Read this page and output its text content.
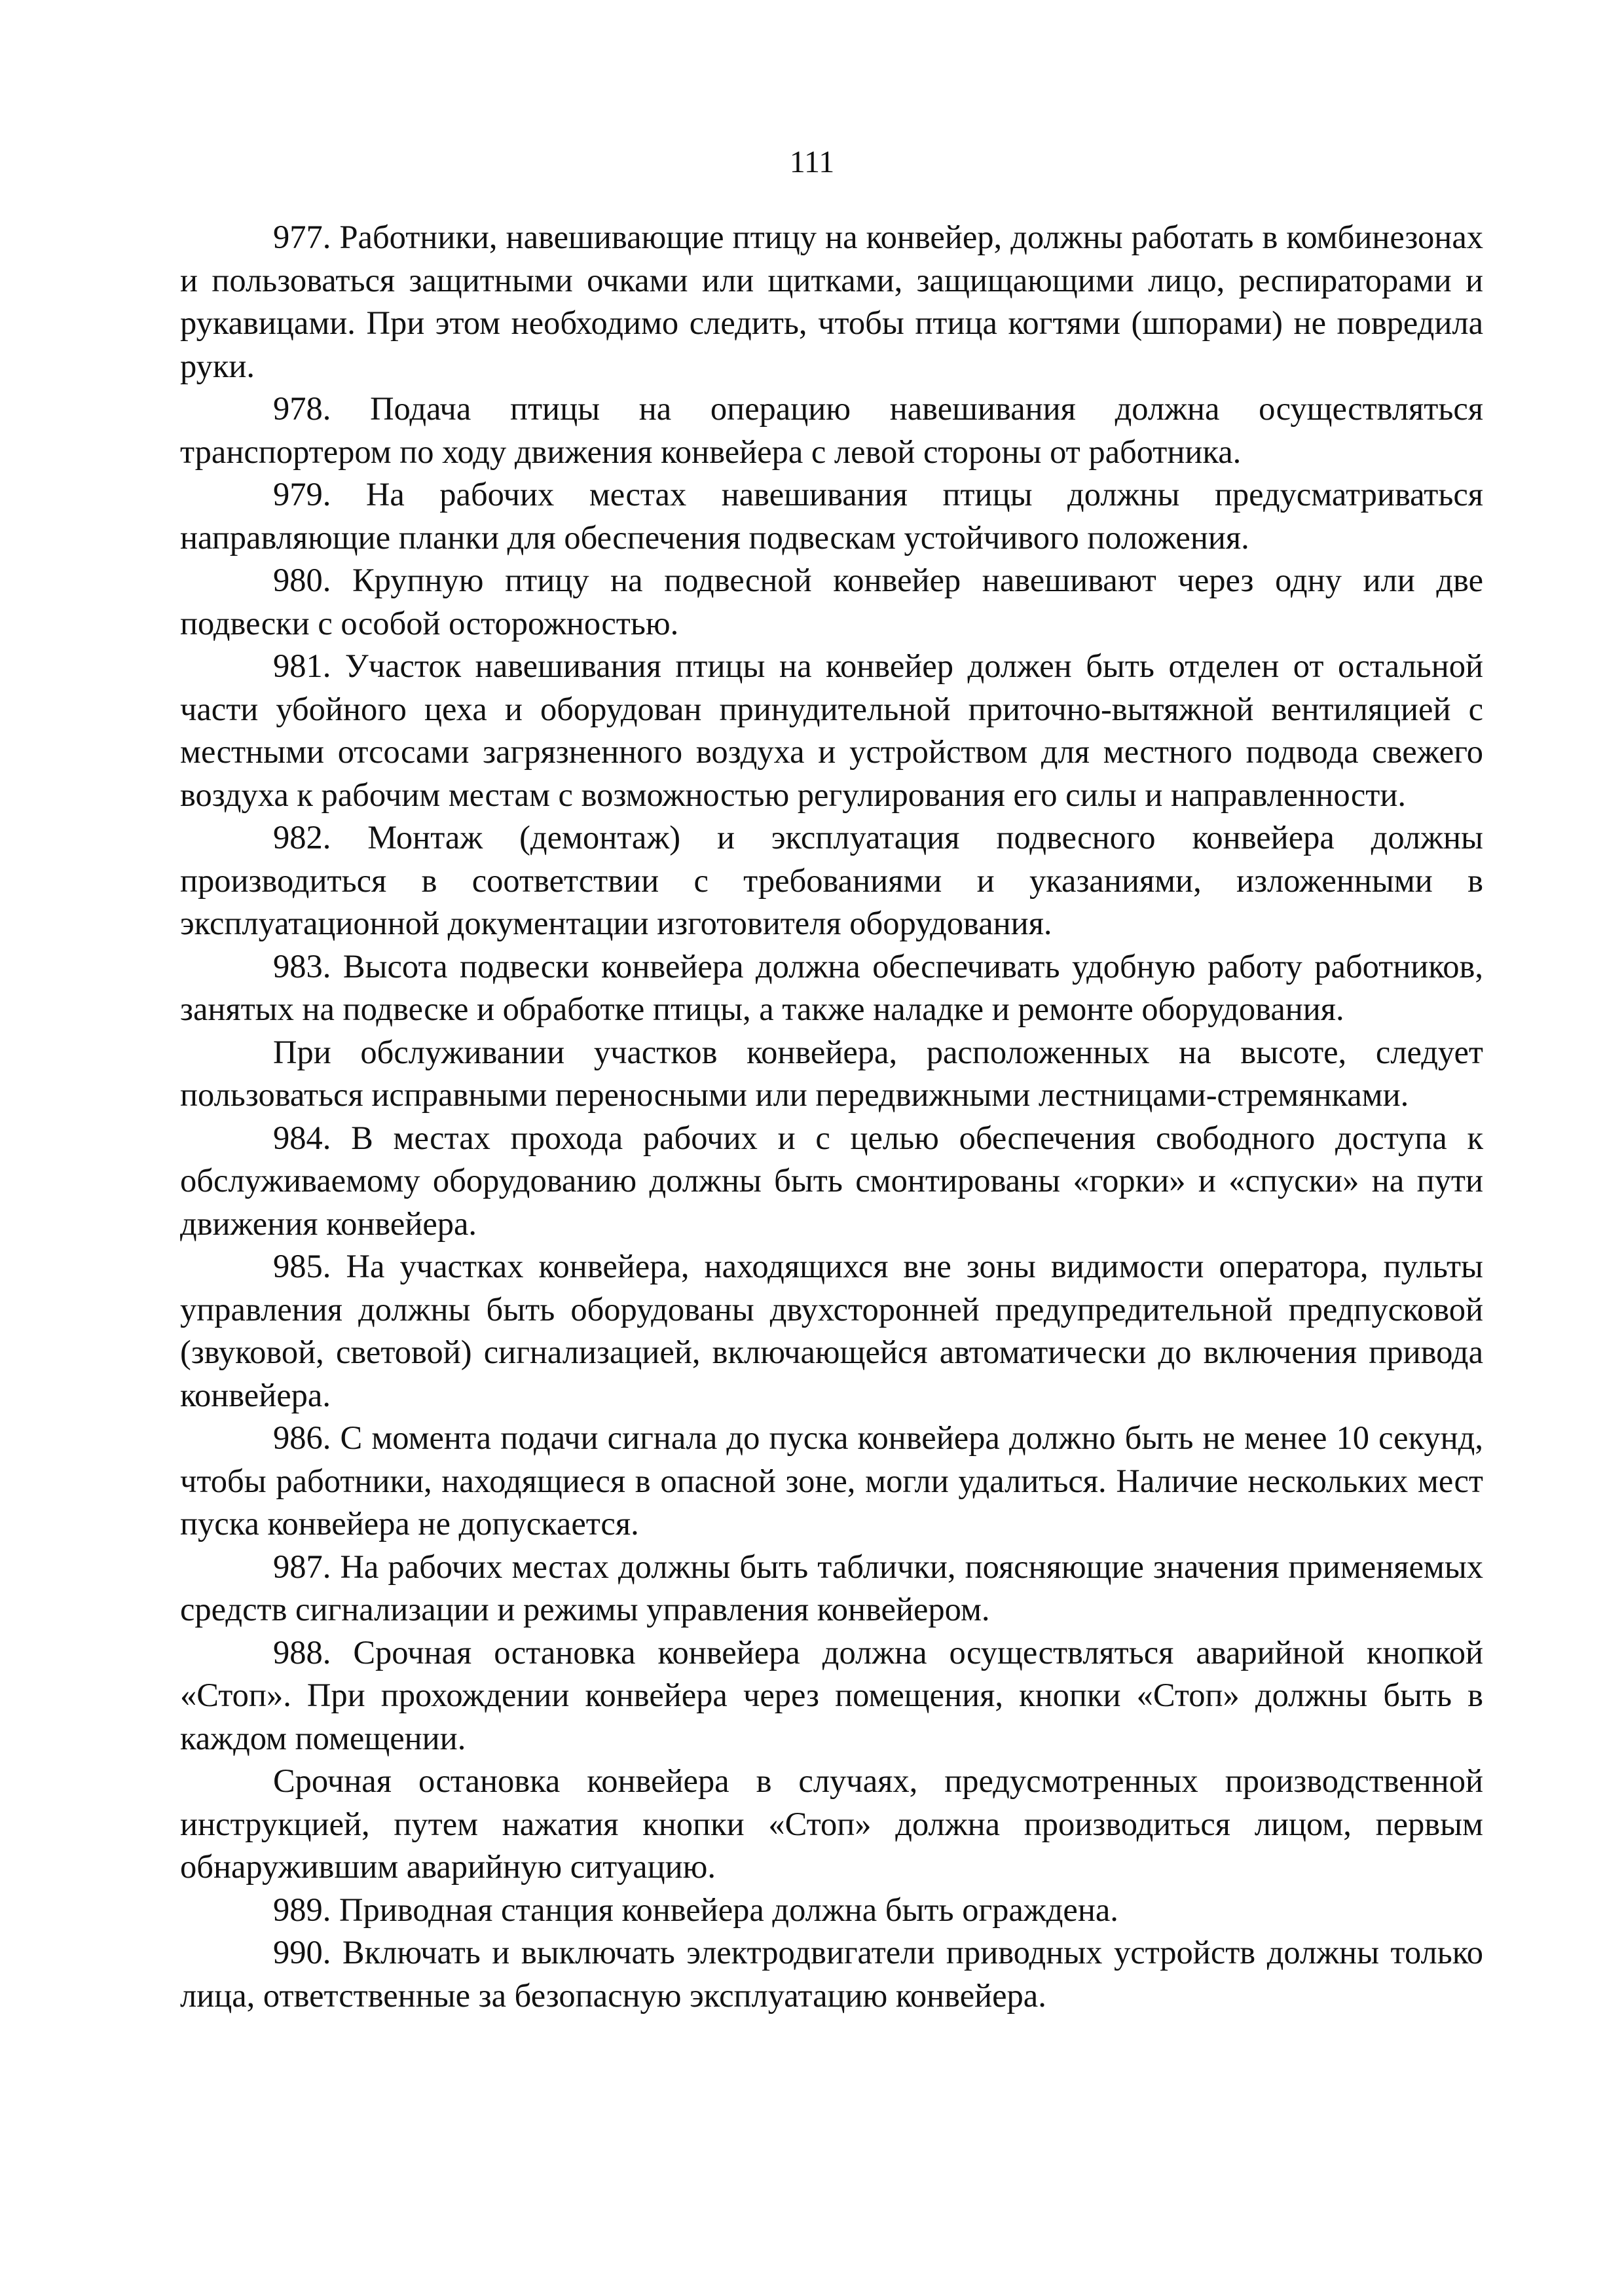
111

977. Работники, навешивающие птицу на конвейер, должны работать в комбинезонах и пользоваться защитными очками или щитками, защищающими лицо, респираторами и рукавицами. При этом необходимо следить, чтобы птица когтями (шпорами) не повредила руки.

978. Подача птицы на операцию навешивания должна осуществляться транспортером по ходу движения конвейера с левой стороны от работника.

979. На рабочих местах навешивания птицы должны предусматриваться направляющие планки для обеспечения подвескам устойчивого положения.

980. Крупную птицу на подвесной конвейер навешивают через одну или две подвески с особой осторожностью.

981. Участок навешивания птицы на конвейер должен быть отделен от остальной части убойного цеха и оборудован принудительной приточно-вытяжной вентиляцией с местными отсосами загрязненного воздуха и устройством для местного подвода свежего воздуха к рабочим местам с возможностью регулирования его силы и направленности.

982. Монтаж (демонтаж) и эксплуатация подвесного конвейера должны производиться в соответствии с требованиями и указаниями, изложенными в эксплуатационной документации изготовителя оборудования.

983. Высота подвески конвейера должна обеспечивать удобную работу работников, занятых на подвеске и обработке птицы, а также наладке и ремонте оборудования.

При обслуживании участков конвейера, расположенных на высоте, следует пользоваться исправными переносными или передвижными лестницами-стремянками.

984. В местах прохода рабочих и с целью обеспечения свободного доступа к обслуживаемому оборудованию должны быть смонтированы «горки» и «спуски» на пути движения конвейера.

985. На участках конвейера, находящихся вне зоны видимости оператора, пульты управления должны быть оборудованы двухсторонней предупредительной предпусковой (звуковой, световой) сигнализацией, включающейся автоматически до включения привода конвейера.

986. С момента подачи сигнала до пуска конвейера должно быть не менее 10 секунд, чтобы работники, находящиеся в опасной зоне, могли удалиться. Наличие нескольких мест пуска конвейера не допускается.

987. На рабочих местах должны быть таблички, поясняющие значения применяемых средств сигнализации и режимы управления конвейером.

988. Срочная остановка конвейера должна осуществляться аварийной кнопкой «Стоп». При прохождении конвейера через помещения, кнопки «Стоп» должны быть в каждом помещении.

Срочная остановка конвейера в случаях, предусмотренных производственной инструкцией, путем нажатия кнопки «Стоп» должна производиться лицом, первым обнаружившим аварийную ситуацию.

989. Приводная станция конвейера должна быть ограждена.

990. Включать и выключать электродвигатели приводных устройств должны только лица, ответственные за безопасную эксплуатацию конвейера.
